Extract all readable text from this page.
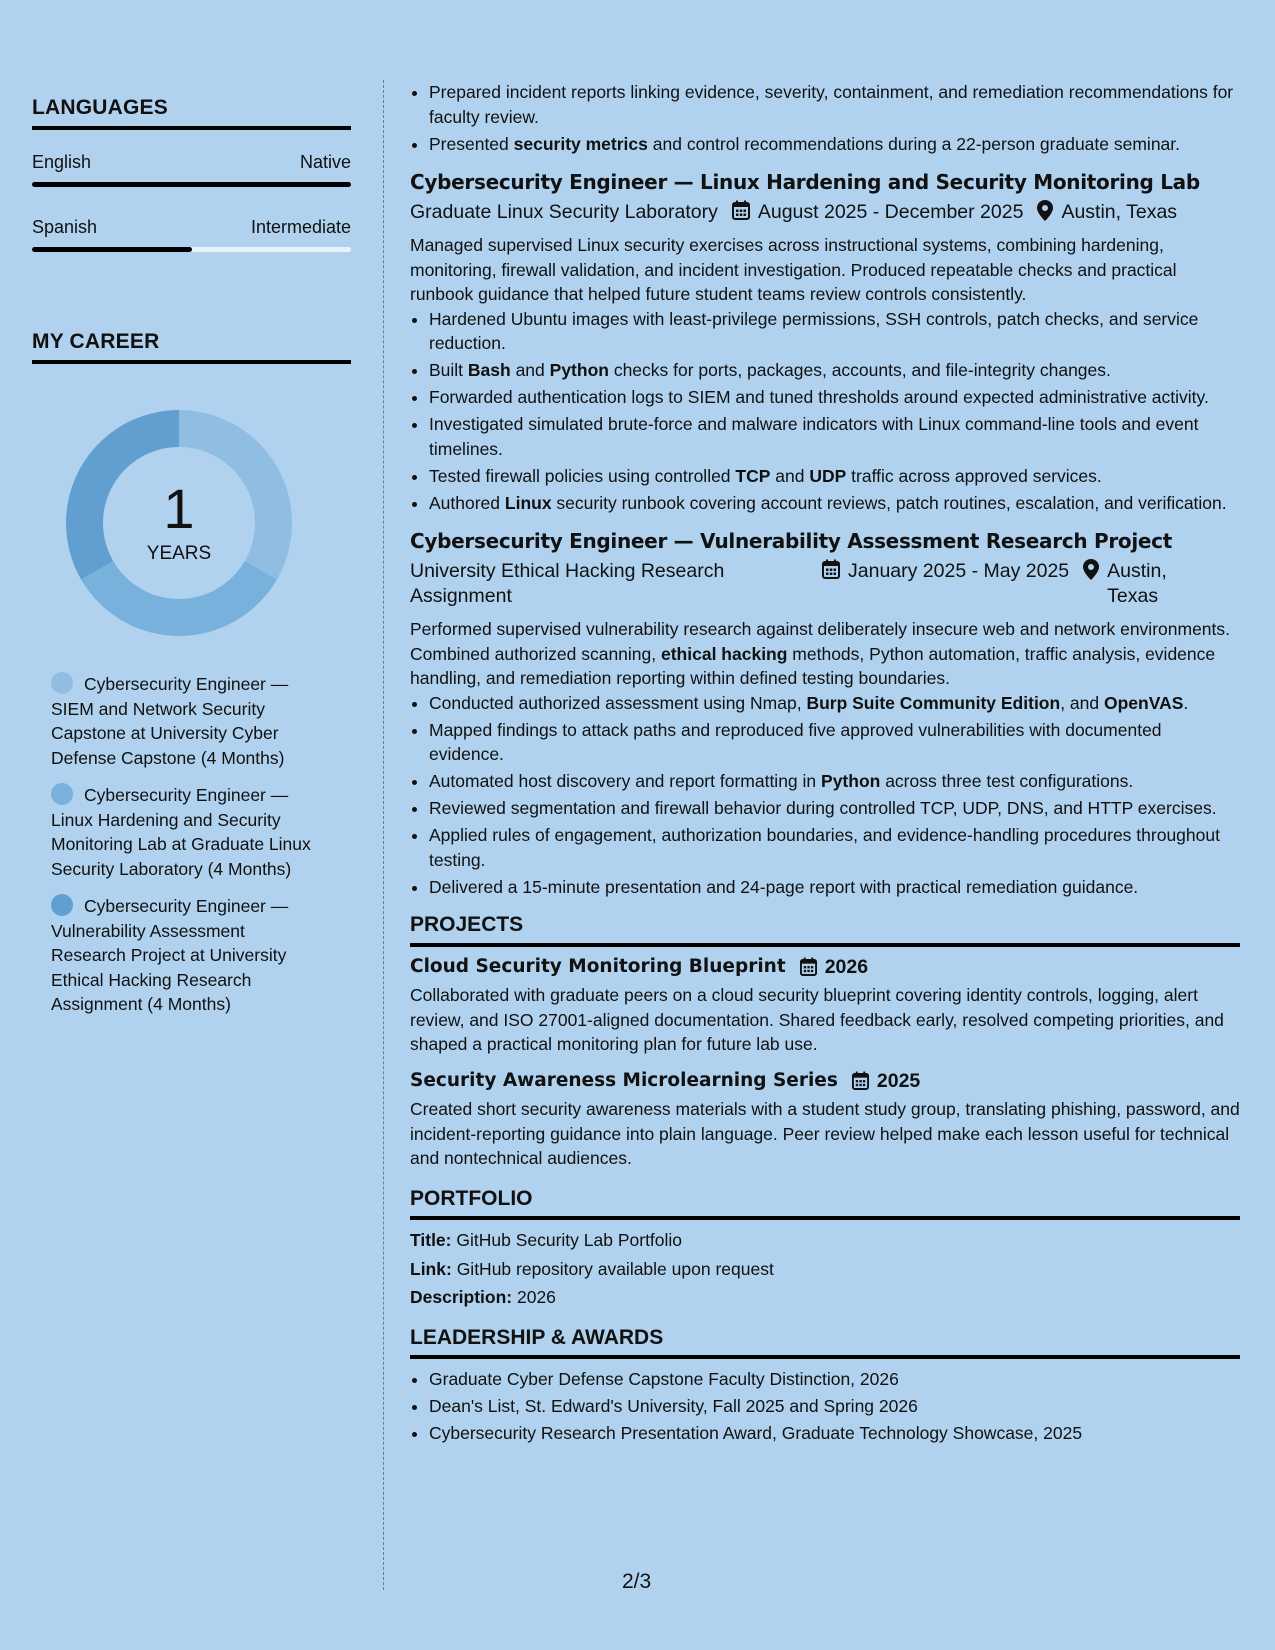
LANGUAGES
English	Native
Spanish	Intermediate
MY CAREER
1
YEARS
Cybersecurity Engineer — SIEM and Network Security Capstone at University Cyber Defense Capstone (4 Months)
Cybersecurity Engineer — Linux Hardening and Security Monitoring Lab at Graduate Linux Security Laboratory (4 Months)
Cybersecurity Engineer — Vulnerability Assessment Research Project at University Ethical Hacking Research Assignment (4 Months)
• Prepared incident reports linking evidence, severity, containment, and remediation recommendations for faculty review.
• Presented security metrics and control recommendations during a 22-person graduate seminar.
Cybersecurity Engineer — Linux Hardening and Security Monitoring Lab
Graduate Linux Security Laboratory August 2025 - December 2025 Austin, Texas
Managed supervised Linux security exercises across instructional systems, combining hardening, monitoring, firewall validation, and incident investigation. Produced repeatable checks and practical runbook guidance that helped future student teams review controls consistently.
• Hardened Ubuntu images with least-privilege permissions, SSH controls, patch checks, and service reduction.
• Built Bash and Python checks for ports, packages, accounts, and file-integrity changes.
• Forwarded authentication logs to SIEM and tuned thresholds around expected administrative activity.
• Investigated simulated brute-force and malware indicators with Linux command-line tools and event timelines.
• Tested firewall policies using controlled TCP and UDP traffic across approved services.
• Authored Linux security runbook covering account reviews, patch routines, escalation, and verification.
Cybersecurity Engineer — Vulnerability Assessment Research Project
University Ethical Hacking Research Assignment
January 2025 - May 2025 Austin, Texas
Performed supervised vulnerability research against deliberately insecure web and network environments. Combined authorized scanning, ethical hacking methods, Python automation, traffic analysis, evidence handling, and remediation reporting within defined testing boundaries.
• Conducted authorized assessment using Nmap, Burp Suite Community Edition, and OpenVAS.
• Mapped findings to attack paths and reproduced five approved vulnerabilities with documented evidence.
• Automated host discovery and report formatting in Python across three test configurations.
• Reviewed segmentation and firewall behavior during controlled TCP, UDP, DNS, and HTTP exercises.
• Applied rules of engagement, authorization boundaries, and evidence-handling procedures throughout testing.
• Delivered a 15-minute presentation and 24-page report with practical remediation guidance.
PROJECTS
Cloud Security Monitoring Blueprint 2026
Collaborated with graduate peers on a cloud security blueprint covering identity controls, logging, alert review, and ISO 27001-aligned documentation. Shared feedback early, resolved competing priorities, and shaped a practical monitoring plan for future lab use.
Security Awareness Microlearning Series 2025
Created short security awareness materials with a student study group, translating phishing, password, and incident-reporting guidance into plain language. Peer review helped make each lesson useful for technical and nontechnical audiences.
PORTFOLIO
Title: GitHub Security Lab Portfolio
Link: GitHub repository available upon request
Description: 2026
LEADERSHIP & AWARDS
• Graduate Cyber Defense Capstone Faculty Distinction, 2026
• Dean's List, St. Edward's University, Fall 2025 and Spring 2026
• Cybersecurity Research Presentation Award, Graduate Technology Showcase, 2025
2/3
